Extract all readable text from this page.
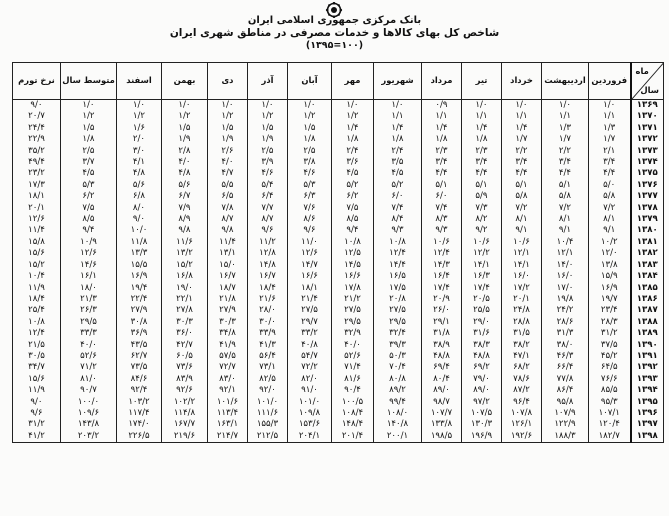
بانک مرکزی جمهوری اسلامی ایران
شاخص کل بهای کالاها و خدمات مصرفی در مناطق شهری ایران
(۱۰۰=۱۳۹۵)
ماه
سال	فروردین	اردیبهشت	خرداد	تیر	مرداد	شهریور	مهر	آبان	آذر	دی	بهمن	اسفند	متوسط سال	نرخ تورم
۱۳۶۹	۱/۰	۱/۰	۱/۰	۱/۰	۰/۹	۱/۰	۱/۰	۱/۰	۱/۰	۱/۰	۱/۰	۱/۰	۱/۰	۹/۰
۱۳۷۰	۱/۱	۱/۱	۱/۱	۱/۱	۱/۱	۱/۱	۱/۲	۱/۲	۱/۲	۱/۲	۱/۲	۱/۲	۱/۲	۲۰/۷
۱۳۷۱	۱/۳	۱/۳	۱/۴	۱/۴	۱/۴	۱/۴	۱/۴	۱/۵	۱/۵	۱/۵	۱/۵	۱/۶	۱/۵	۲۴/۴
۱۳۷۲	۱/۷	۱/۷	۱/۷	۱/۸	۱/۸	۱/۸	۱/۸	۱/۸	۱/۹	۱/۹	۱/۹	۲/۰	۱/۸	۲۲/۹
۱۳۷۳	۲/۱	۲/۲	۲/۲	۲/۳	۲/۳	۲/۴	۲/۴	۲/۵	۲/۵	۲/۶	۲/۸	۳/۰	۲/۵	۳۵/۲
۱۳۷۴	۳/۴	۳/۴	۳/۴	۳/۴	۳/۴	۳/۵	۳/۶	۳/۸	۳/۹	۴/۰	۴/۰	۴/۱	۳/۷	۴۹/۴
۱۳۷۵	۴/۴	۴/۴	۴/۴	۴/۴	۴/۴	۴/۵	۴/۵	۴/۶	۴/۶	۴/۷	۴/۸	۴/۸	۴/۵	۲۳/۲
۱۳۷۶	۵/۰	۵/۱	۵/۱	۵/۱	۵/۱	۵/۲	۵/۲	۵/۳	۵/۴	۵/۵	۵/۶	۵/۶	۵/۳	۱۷/۳
۱۳۷۷	۵/۸	۵/۸	۵/۸	۵/۹	۶/۰	۶/۰	۶/۲	۶/۳	۶/۴	۶/۵	۶/۷	۶/۸	۶/۲	۱۸/۱
۱۳۷۸	۷/۲	۷/۲	۷/۲	۷/۳	۷/۴	۷/۴	۷/۵	۷/۶	۷/۷	۷/۸	۷/۹	۸/۰	۷/۵	۲۰/۱
۱۳۷۹	۸/۱	۸/۱	۸/۱	۸/۲	۸/۳	۸/۴	۸/۵	۸/۶	۸/۷	۸/۷	۸/۹	۹/۰	۸/۵	۱۲/۶
۱۳۸۰	۹/۱	۹/۱	۹/۱	۹/۲	۹/۳	۹/۳	۹/۴	۹/۶	۹/۶	۹/۸	۹/۸	۱۰/۰	۹/۴	۱۱/۴
۱۳۸۱	۱۰/۲	۱۰/۴	۱۰/۶	۱۰/۶	۱۰/۶	۱۰/۸	۱۰/۸	۱۱/۰	۱۱/۲	۱۱/۴	۱۱/۶	۱۱/۸	۱۰/۹	۱۵/۸
۱۳۸۲	۱۲/۰	۱۲/۱	۱۲/۱	۱۲/۲	۱۲/۴	۱۲/۴	۱۲/۵	۱۲/۶	۱۲/۸	۱۳/۱	۱۳/۲	۱۳/۳	۱۲/۶	۱۵/۶
۱۳۸۳	۱۳/۸	۱۴/۰	۱۴/۱	۱۴/۱	۱۴/۳	۱۴/۴	۱۴/۵	۱۴/۷	۱۴/۸	۱۵/۰	۱۵/۲	۱۵/۵	۱۴/۶	۱۵/۲
۱۳۸۴	۱۵/۹	۱۶/۰	۱۶/۰	۱۶/۳	۱۶/۴	۱۶/۵	۱۶/۶	۱۶/۶	۱۶/۷	۱۶/۷	۱۶/۸	۱۶/۹	۱۶/۱	۱۰/۴
۱۳۸۵	۱۶/۹	۱۷/۰	۱۷/۲	۱۷/۴	۱۷/۴	۱۷/۵	۱۷/۸	۱۸/۱	۱۸/۴	۱۸/۷	۱۹/۰	۱۹/۴	۱۸/۰	۱۱/۹
۱۳۸۶	۱۹/۷	۱۹/۸	۲۰/۱	۲۰/۵	۲۰/۹	۲۰/۸	۲۱/۲	۲۱/۴	۲۱/۶	۲۱/۸	۲۲/۱	۲۲/۴	۲۱/۳	۱۸/۴
۱۳۸۷	۲۳/۴	۲۴/۲	۲۴/۸	۲۵/۵	۲۶/۰	۲۷/۵	۲۷/۵	۲۷/۵	۲۸/۰	۲۷/۹	۲۷/۸	۲۷/۹	۲۶/۳	۲۵/۴
۱۳۸۸	۲۸/۳	۲۸/۶	۲۸/۸	۲۹/۰	۲۹/۱	۲۹/۵	۲۹/۵	۲۹/۷	۳۰/۰	۳۰/۳	۳۰/۳	۳۰/۸	۲۹/۵	۱۰/۸
۱۳۸۹	۳۱/۲	۳۱/۳	۳۱/۵	۳۱/۶	۳۱/۸	۳۲/۴	۳۲/۹	۳۳/۲	۳۳/۹	۳۴/۸	۳۶/۰	۳۶/۹	۳۳/۳	۱۲/۴
۱۳۹۰	۳۷/۵	۳۸/۰	۳۸/۲	۳۸/۳	۳۸/۹	۳۹/۳	۴۰/۰	۴۰/۸	۴۱/۳	۴۱/۹	۴۲/۷	۴۳/۵	۴۰/۰	۲۱/۵
۱۳۹۱	۴۵/۲	۴۶/۳	۴۷/۱	۴۸/۸	۴۸/۸	۵۰/۳	۵۲/۶	۵۴/۷	۵۶/۴	۵۷/۵	۶۰/۵	۶۲/۷	۵۲/۶	۳۰/۵
۱۳۹۲	۶۴/۵	۶۶/۴	۶۸/۲	۶۹/۲	۶۹/۴	۷۰/۴	۷۱/۴	۷۲/۲	۷۳/۱	۷۲/۷	۷۳/۶	۷۳/۵	۷۱/۲	۳۴/۷
۱۳۹۳	۷۶/۶	۷۷/۸	۷۸/۶	۷۹/۰	۸۰/۴	۸۰/۸	۸۱/۶	۸۲/۰	۸۲/۵	۸۳/۰	۸۳/۹	۸۴/۶	۸۱/۰	۱۵/۶
۱۳۹۴	۸۵/۵	۸۶/۴	۸۷/۲	۸۹/۰	۸۹/۰	۸۹/۲	۹۰/۴	۹۱/۰	۹۲/۰	۹۲/۱	۹۲/۶	۹۲/۴	۹۰/۷	۱۱/۹
۱۳۹۵	۹۵/۳	۹۵/۸	۹۶/۴	۹۷/۲	۹۸/۷	۹۹/۴	۱۰۰/۵	۱۰۱/۰	۱۰۱/۰	۱۰۱/۶	۱۰۲/۲	۱۰۳/۲	۱۰۰/۰	۹/۰
۱۳۹۶	۱۰۷/۱	۱۰۷/۹	۱۰۷/۸	۱۰۷/۵	۱۰۷/۷	۱۰۸/۰	۱۰۸/۴	۱۰۹/۸	۱۱۱/۶	۱۱۳/۴	۱۱۴/۸	۱۱۷/۴	۱۰۹/۶	۹/۶
۱۳۹۷	۱۲۰/۴	۱۲۲/۹	۱۲۶/۱	۱۳۰/۳	۱۳۳/۸	۱۴۰/۸	۱۴۸/۴	۱۵۳/۶	۱۵۵/۳	۱۶۳/۱	۱۶۷/۷	۱۷۴/۰	۱۴۳/۸	۳۱/۲
۱۳۹۸	۱۸۲/۷	۱۸۸/۳	۱۹۲/۶	۱۹۶/۹	۱۹۸/۵	۲۰۰/۱	۲۰۱/۴	۲۰۴/۱	۲۱۲/۵	۲۱۴/۷	۲۱۹/۶	۲۲۶/۵	۲۰۳/۲	۴۱/۲
